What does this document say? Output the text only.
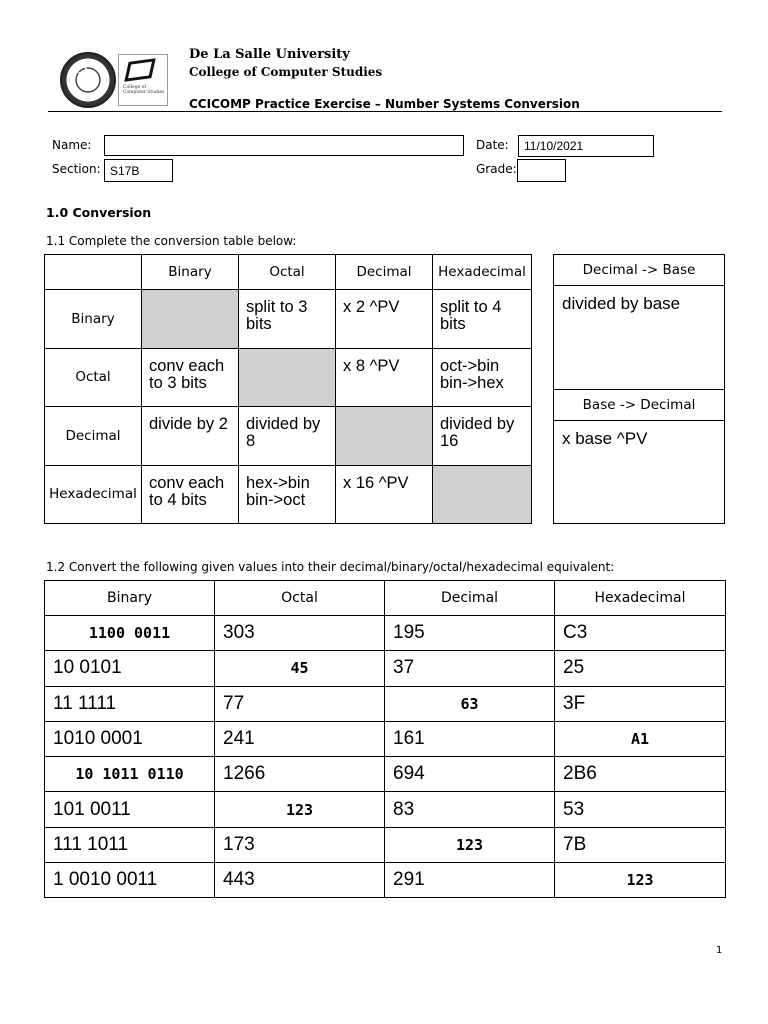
★	College of
Computer Studies
De La Salle University
College of Computer Studies
CCICOMP Practice Exercise – Number Systems Conversion
Name:	Date:	11/10/2021
Section: S17B	Grade:
1.0 Conversion
1.1 Complete the conversion table below:
	Binary	Octal	Decimal	Hexadecimal
Binary		split to 3 bits	x 2 ^PV	split to 4 bits
Octal	conv each to 3 bits		x 8 ^PV	oct->bin bin->hex
Decimal	divide by 2	divided by 8		divided by 16
Hexadecimal	conv each to 4 bits	hex->bin bin->oct	x 16 ^PV	
Decimal -> Base
divided by base
Base -> Decimal
x base ^PV
1.2 Convert the following given values into their decimal/binary/octal/hexadecimal equivalent:
Binary	Octal	Decimal	Hexadecimal
1100 0011	303	195	C3
10 0101	45	37	25
11 1111	77	63	3F
1010 0001	241	161	A1
10 1011 0110	1266	694	2B6
101 0011	123	83	53
111 1011	173	123	7B
1 0010 0011	443	291	123
1
